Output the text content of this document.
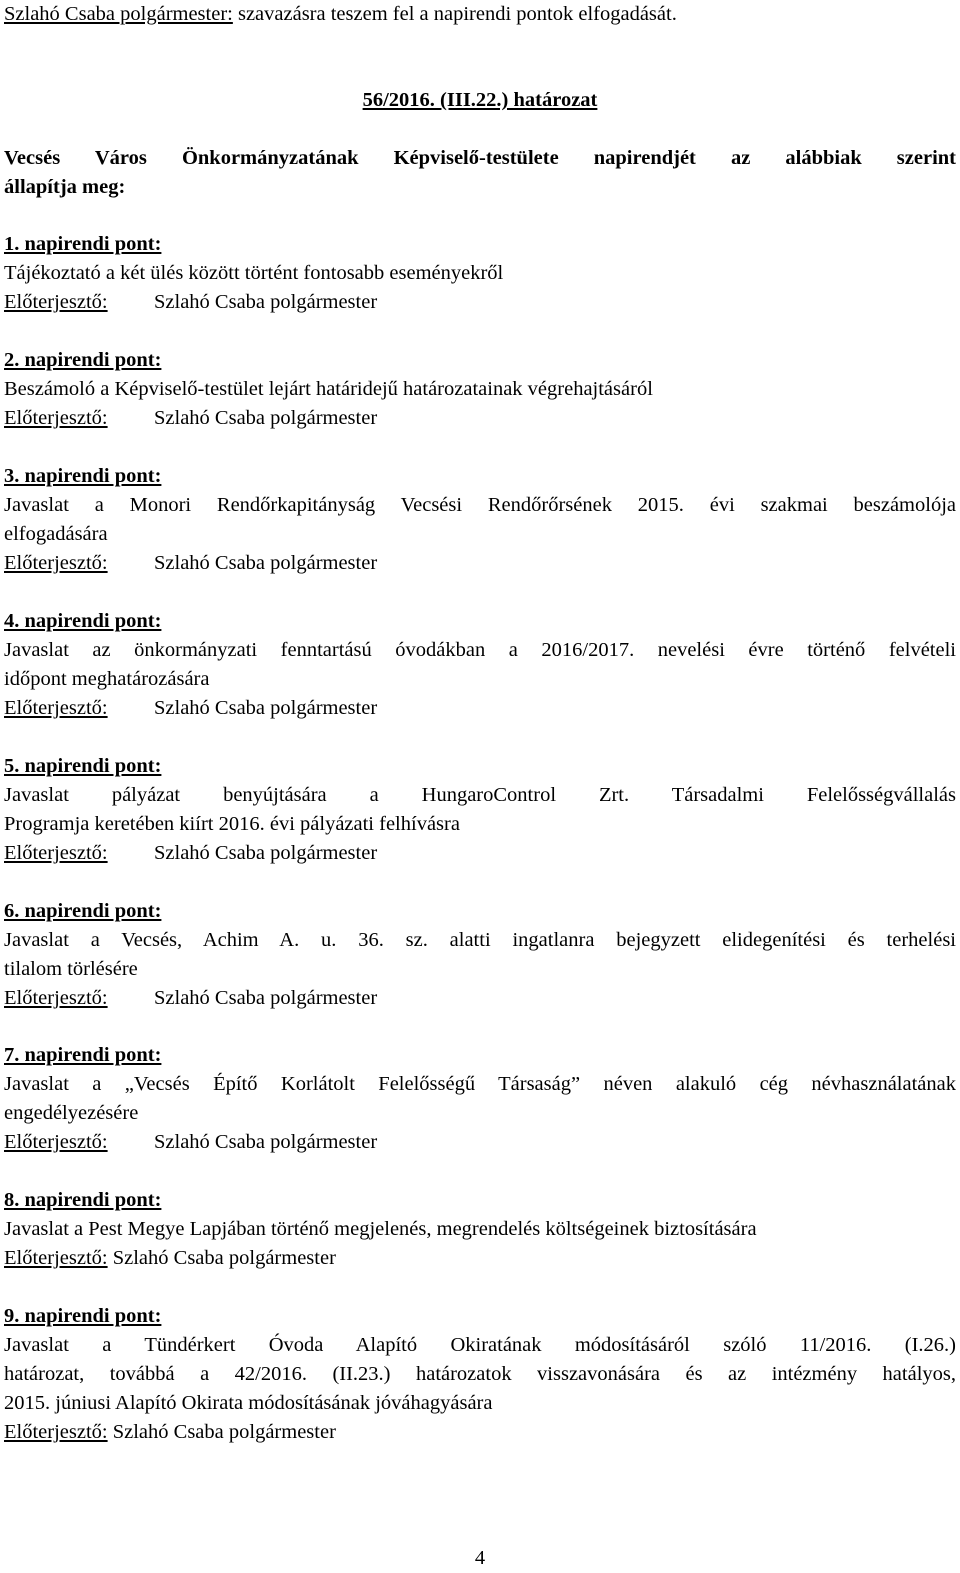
Szlahó Csaba polgármester: szavazásra teszem fel a napirendi pontok elfogadását.
56/2016. (III.22.) határozat
Vecsés Város Önkormányzatának Képviselő-testülete napirendjét az alábbiak szerint
állapítja meg:
1. napirendi pont:
Tájékoztató a két ülés között történt fontosabb eseményekről
Előterjesztő: Szlahó Csaba polgármester
2. napirendi pont:
Beszámoló a Képviselő-testület lejárt határidejű határozatainak végrehajtásáról
Előterjesztő: Szlahó Csaba polgármester
3. napirendi pont:
Javaslat a Monori Rendőrkapitányság Vecsési Rendőrőrsének 2015. évi szakmai beszámolója
elfogadására
Előterjesztő: Szlahó Csaba polgármester
4. napirendi pont:
Javaslat az önkormányzati fenntartású óvodákban a 2016/2017. nevelési évre történő felvételi
időpont meghatározására
Előterjesztő: Szlahó Csaba polgármester
5. napirendi pont:
Javaslat pályázat benyújtására a HungaroControl Zrt. Társadalmi Felelősségvállalás
Programja keretében kiírt 2016. évi pályázati felhívásra
Előterjesztő: Szlahó Csaba polgármester
6. napirendi pont:
Javaslat a Vecsés, Achim A. u. 36. sz. alatti ingatlanra bejegyzett elidegenítési és terhelési
tilalom törlésére
Előterjesztő: Szlahó Csaba polgármester
7. napirendi pont:
Javaslat a „Vecsés Építő Korlátolt Felelősségű Társaság” néven alakuló cég névhasználatának
engedélyezésére
Előterjesztő: Szlahó Csaba polgármester
8. napirendi pont:
Javaslat a Pest Megye Lapjában történő megjelenés, megrendelés költségeinek biztosítására
Előterjesztő: Szlahó Csaba polgármester
9. napirendi pont:
Javaslat a Tündérkert Óvoda Alapító Okiratának módosításáról szóló 11/2016. (I.26.)
határozat, továbbá a 42/2016. (II.23.) határozatok visszavonására és az intézmény hatályos,
2015. júniusi Alapító Okirata módosításának jóváhagyására
Előterjesztő: Szlahó Csaba polgármester
4
